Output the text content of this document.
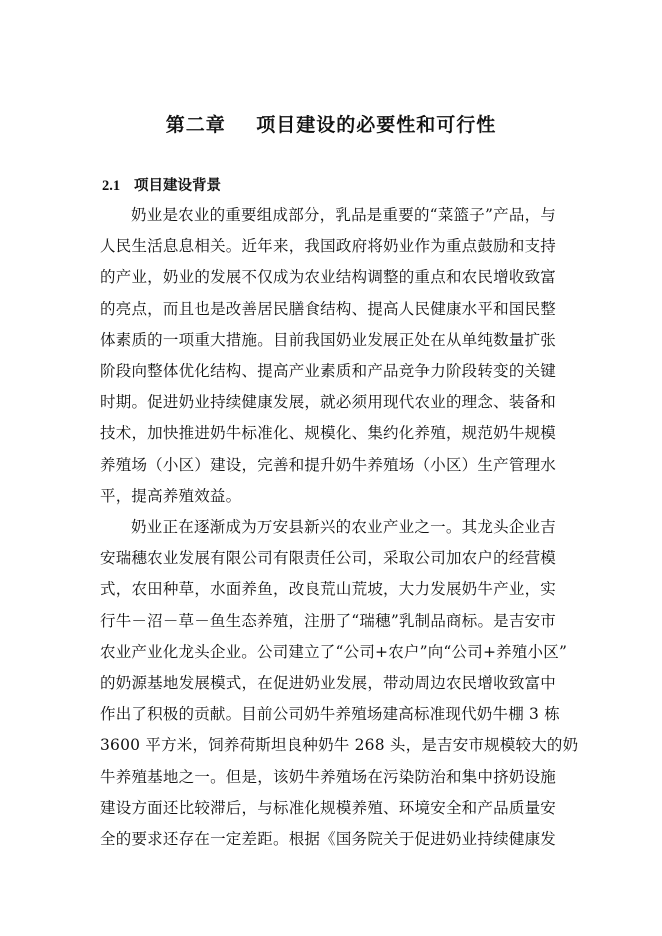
第二章    项目建设的必要性和可行性
2.1 项目建设背景
奶业是农业的重要组成部分，乳品是重要的“菜篮子”产品，与
人民生活息息相关。近年来，我国政府将奶业作为重点鼓励和支持
的产业，奶业的发展不仅成为农业结构调整的重点和农民增收致富
的亮点，而且也是改善居民膳食结构、提高人民健康水平和国民整
体素质的一项重大措施。目前我国奶业发展正处在从单纯数量扩张
阶段向整体优化结构、提高产业素质和产品竞争力阶段转变的关键
时期。促进奶业持续健康发展，就必须用现代农业的理念、装备和
技术，加快推进奶牛标准化、规模化、集约化养殖，规范奶牛规模
养殖场（小区）建设，完善和提升奶牛养殖场（小区）生产管理水
平，提高养殖效益。
奶业正在逐渐成为万安县新兴的农业产业之一。其龙头企业吉
安瑞穗农业发展有限公司有限责任公司，采取公司加农户的经营模
式，农田种草，水面养鱼，改良荒山荒坡，大力发展奶牛产业，实
行牛－沼－草－鱼生态养殖，注册了“瑞穗”乳制品商标。是吉安市
农业产业化龙头企业。公司建立了“公司+农户”向“公司+养殖小区”
的奶源基地发展模式，在促进奶业发展，带动周边农民增收致富中
作出了积极的贡献。目前公司奶牛养殖场建高标准现代奶牛棚 3 栋
3600 平方米，饲养荷斯坦良种奶牛 268 头，是吉安市规模较大的奶
牛养殖基地之一。但是，该奶牛养殖场在污染防治和集中挤奶设施
建设方面还比较滞后，与标准化规模养殖、环境安全和产品质量安
全的要求还存在一定差距。根据《国务院关于促进奶业持续健康发
